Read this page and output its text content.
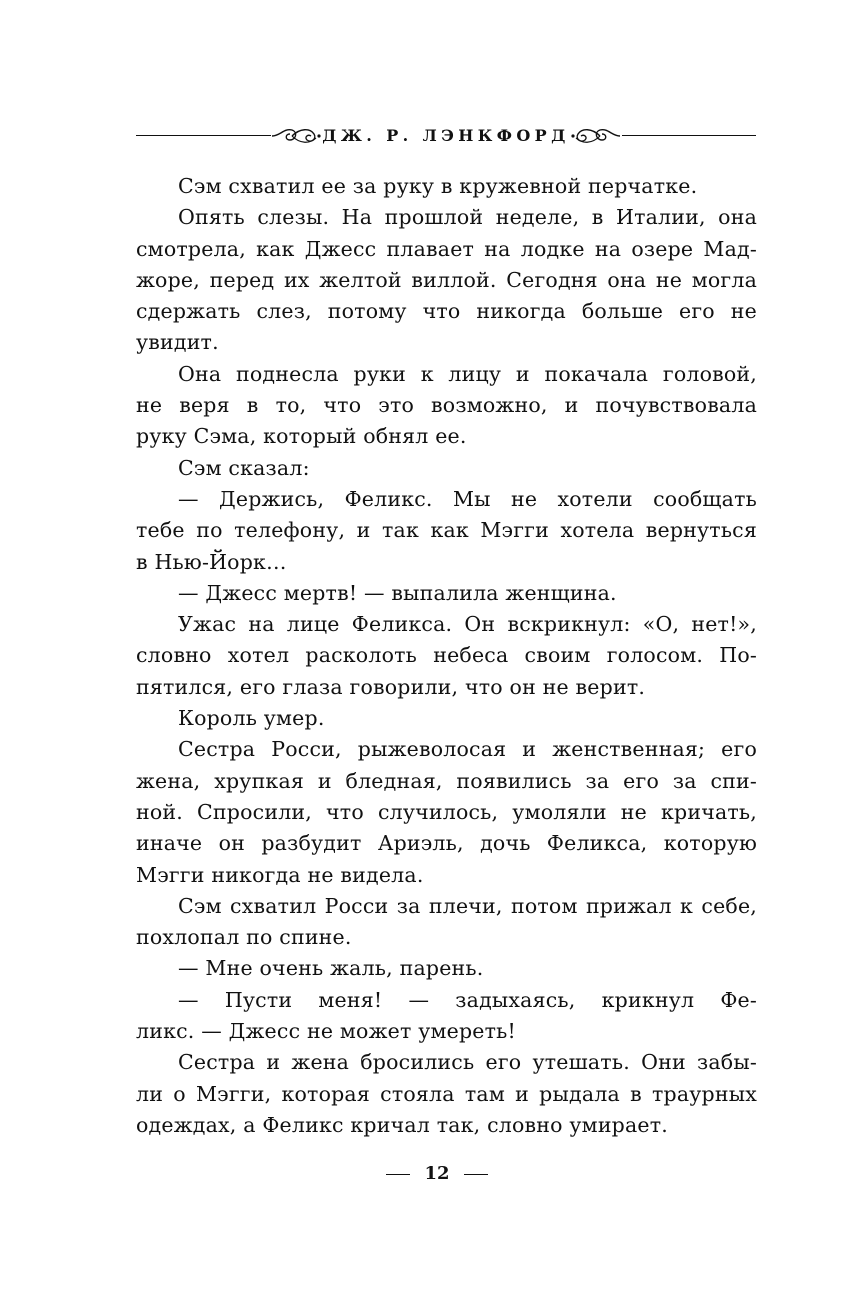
ДЖ. Р. ЛЭНКФОРД
Сэм схватил ее за руку в кружевной перчатке.
Опять слезы. На прошлой неделе, в Италии, она
смотрела, как Джесс плавает на лодке на озере Мад-
жоре, перед их желтой виллой. Сегодня она не могла
сдержать слез, потому что никогда больше его не
увидит.
Она поднесла руки к лицу и покачала головой,
не веря в то, что это возможно, и почувствовала
руку Сэма, который обнял ее.
Сэм сказал:
— Держись, Феликс. Мы не хотели сообщать
тебе по телефону, и так как Мэгги хотела вернуться
в Нью-Йорк…
— Джесс мертв! — выпалила женщина.
Ужас на лице Феликса. Он вскрикнул: «О, нет!»,
словно хотел расколоть небеса своим голосом. По-
пятился, его глаза говорили, что он не верит.
Король умер.
Сестра Росси, рыжеволосая и женственная; его
жена, хрупкая и бледная, появились за его за спи-
ной. Спросили, что случилось, умоляли не кричать,
иначе он разбудит Ариэль, дочь Феликса, которую
Мэгги никогда не видела.
Сэм схватил Росси за плечи, потом прижал к себе,
похлопал по спине.
— Мне очень жаль, парень.
— Пусти меня! — задыхаясь, крикнул Фе-
ликс. — Джесс не может умереть!
Сестра и жена бросились его утешать. Они забы-
ли о Мэгги, которая стояла там и рыдала в траурных
одеждах, а Феликс кричал так, словно умирает.
12
